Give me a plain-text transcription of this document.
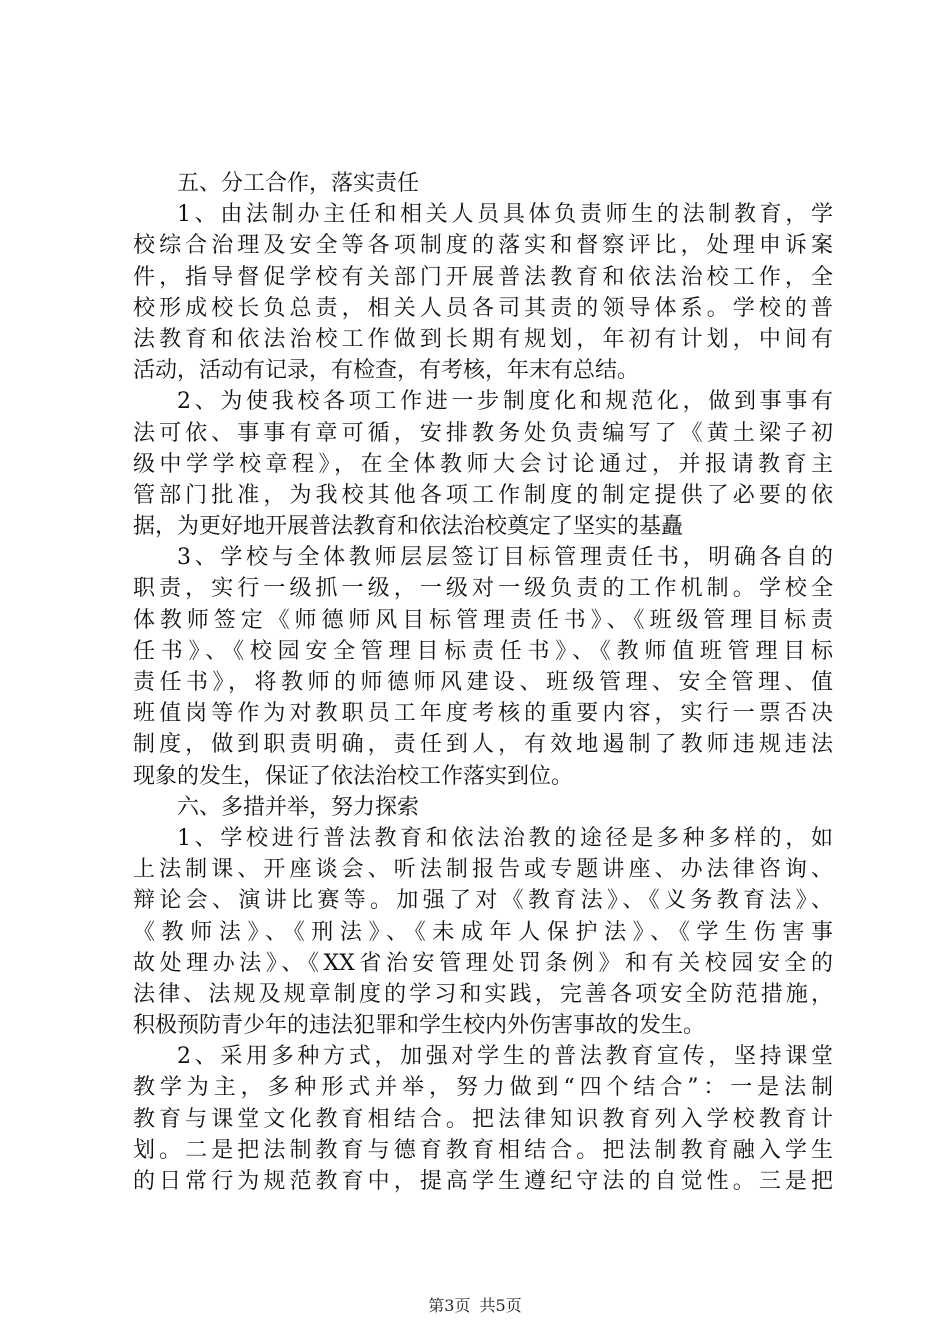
五、分工合作，落实责任
1、由法制办主任和相关人员具体负责师生的法制教育，学
校综合治理及安全等各项制度的落实和督察评比，处理申诉案
件，指导督促学校有关部门开展普法教育和依法治校工作，全
校形成校长负总责，相关人员各司其责的领导体系。学校的普
法教育和依法治校工作做到长期有规划，年初有计划，中间有
活动，活动有记录，有检查，有考核，年末有总结。
2、为使我校各项工作进一步制度化和规范化，做到事事有
法可依、事事有章可循，安排教务处负责编写了《黄土梁子初
级中学学校章程》，在全体教师大会讨论通过，并报请教育主
管部门批准，为我校其他各项工作制度的制定提供了必要的依
据，为更好地开展普法教育和依法治校奠定了坚实的基矗
3、学校与全体教师层层签订目标管理责任书，明确各自的
职责，实行一级抓一级，一级对一级负责的工作机制。学校全
体教师签定《师德师风目标管理责任书》、《班级管理目标责
任书》、《校园安全管理目标责任书》、《教师值班管理目标
责任书》，将教师的师德师风建设、班级管理、安全管理、值
班值岗等作为对教职员工年度考核的重要内容，实行一票否决
制度，做到职责明确，责任到人，有效地遏制了教师违规违法
现象的发生，保证了依法治校工作落实到位。
六、多措并举，努力探索
1、学校进行普法教育和依法治教的途径是多种多样的，如
上法制课、开座谈会、听法制报告或专题讲座、办法律咨询、
辩论会、演讲比赛等。加强了对《教育法》、《义务教育法》、
《教师法》、《刑法》、《未成年人保护法》、《学生伤害事
故处理办法》、《XX省治安管理处罚条例》和有关校园安全的
法律、法规及规章制度的学习和实践，完善各项安全防范措施，
积极预防青少年的违法犯罪和学生校内外伤害事故的发生。
2、采用多种方式，加强对学生的普法教育宣传，坚持课堂
教学为主，多种形式并举，努力做到“四个结合”：一是法制
教育与课堂文化教育相结合。把法律知识教育列入学校教育计
划。二是把法制教育与德育教育相结合。把法制教育融入学生
的日常行为规范教育中，提高学生遵纪守法的自觉性。三是把
第3页 共5页
